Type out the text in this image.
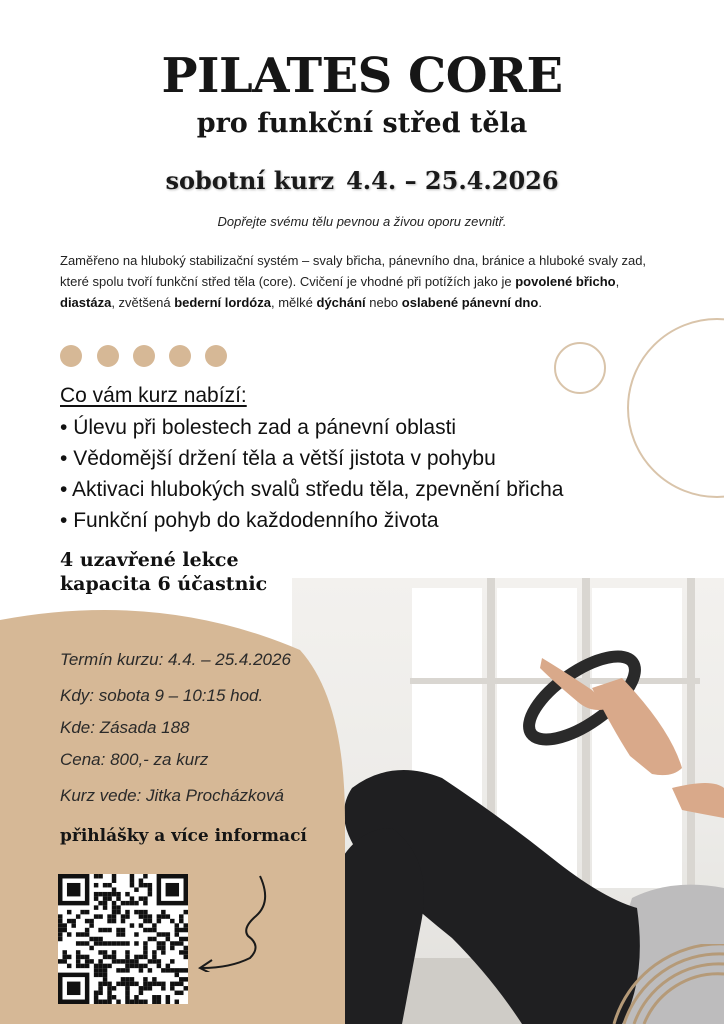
PILATES CORE
pro funkční střed těla
sobotní kurz 4.4. – 25.4.2026
Dopřejte svému tělu pevnou a živou oporu zevnitř.
Zaměřeno na hluboký stabilizační systém – svaly břicha, pánevního dna, bránice a hluboké svaly zad, které spolu tvoří funkční střed těla (core). Cvičení je vhodné při potížích jako je povolené břicho, diastáza, zvětšená bederní lordóza, mělké dýchání nebo oslabené pánevní dno.
Co vám kurz nabízí:
• Úlevu při bolestech zad a pánevní oblasti
• Vědomější držení těla a větší jistota v pohybu
• Aktivaci hlubokých svalů středu těla, zpevnění břicha
• Funkční pohyb do každodenního života
4 uzavřené lekce
kapacita 6 účastnic
Termín kurzu: 4.4. – 25.4.2026
Kdy: sobota 9 – 10:15 hod.
Kde: Zásada 188
Cena: 800,- za kurz
Kurz vede: Jitka Procházková
přihlášky a více informací
